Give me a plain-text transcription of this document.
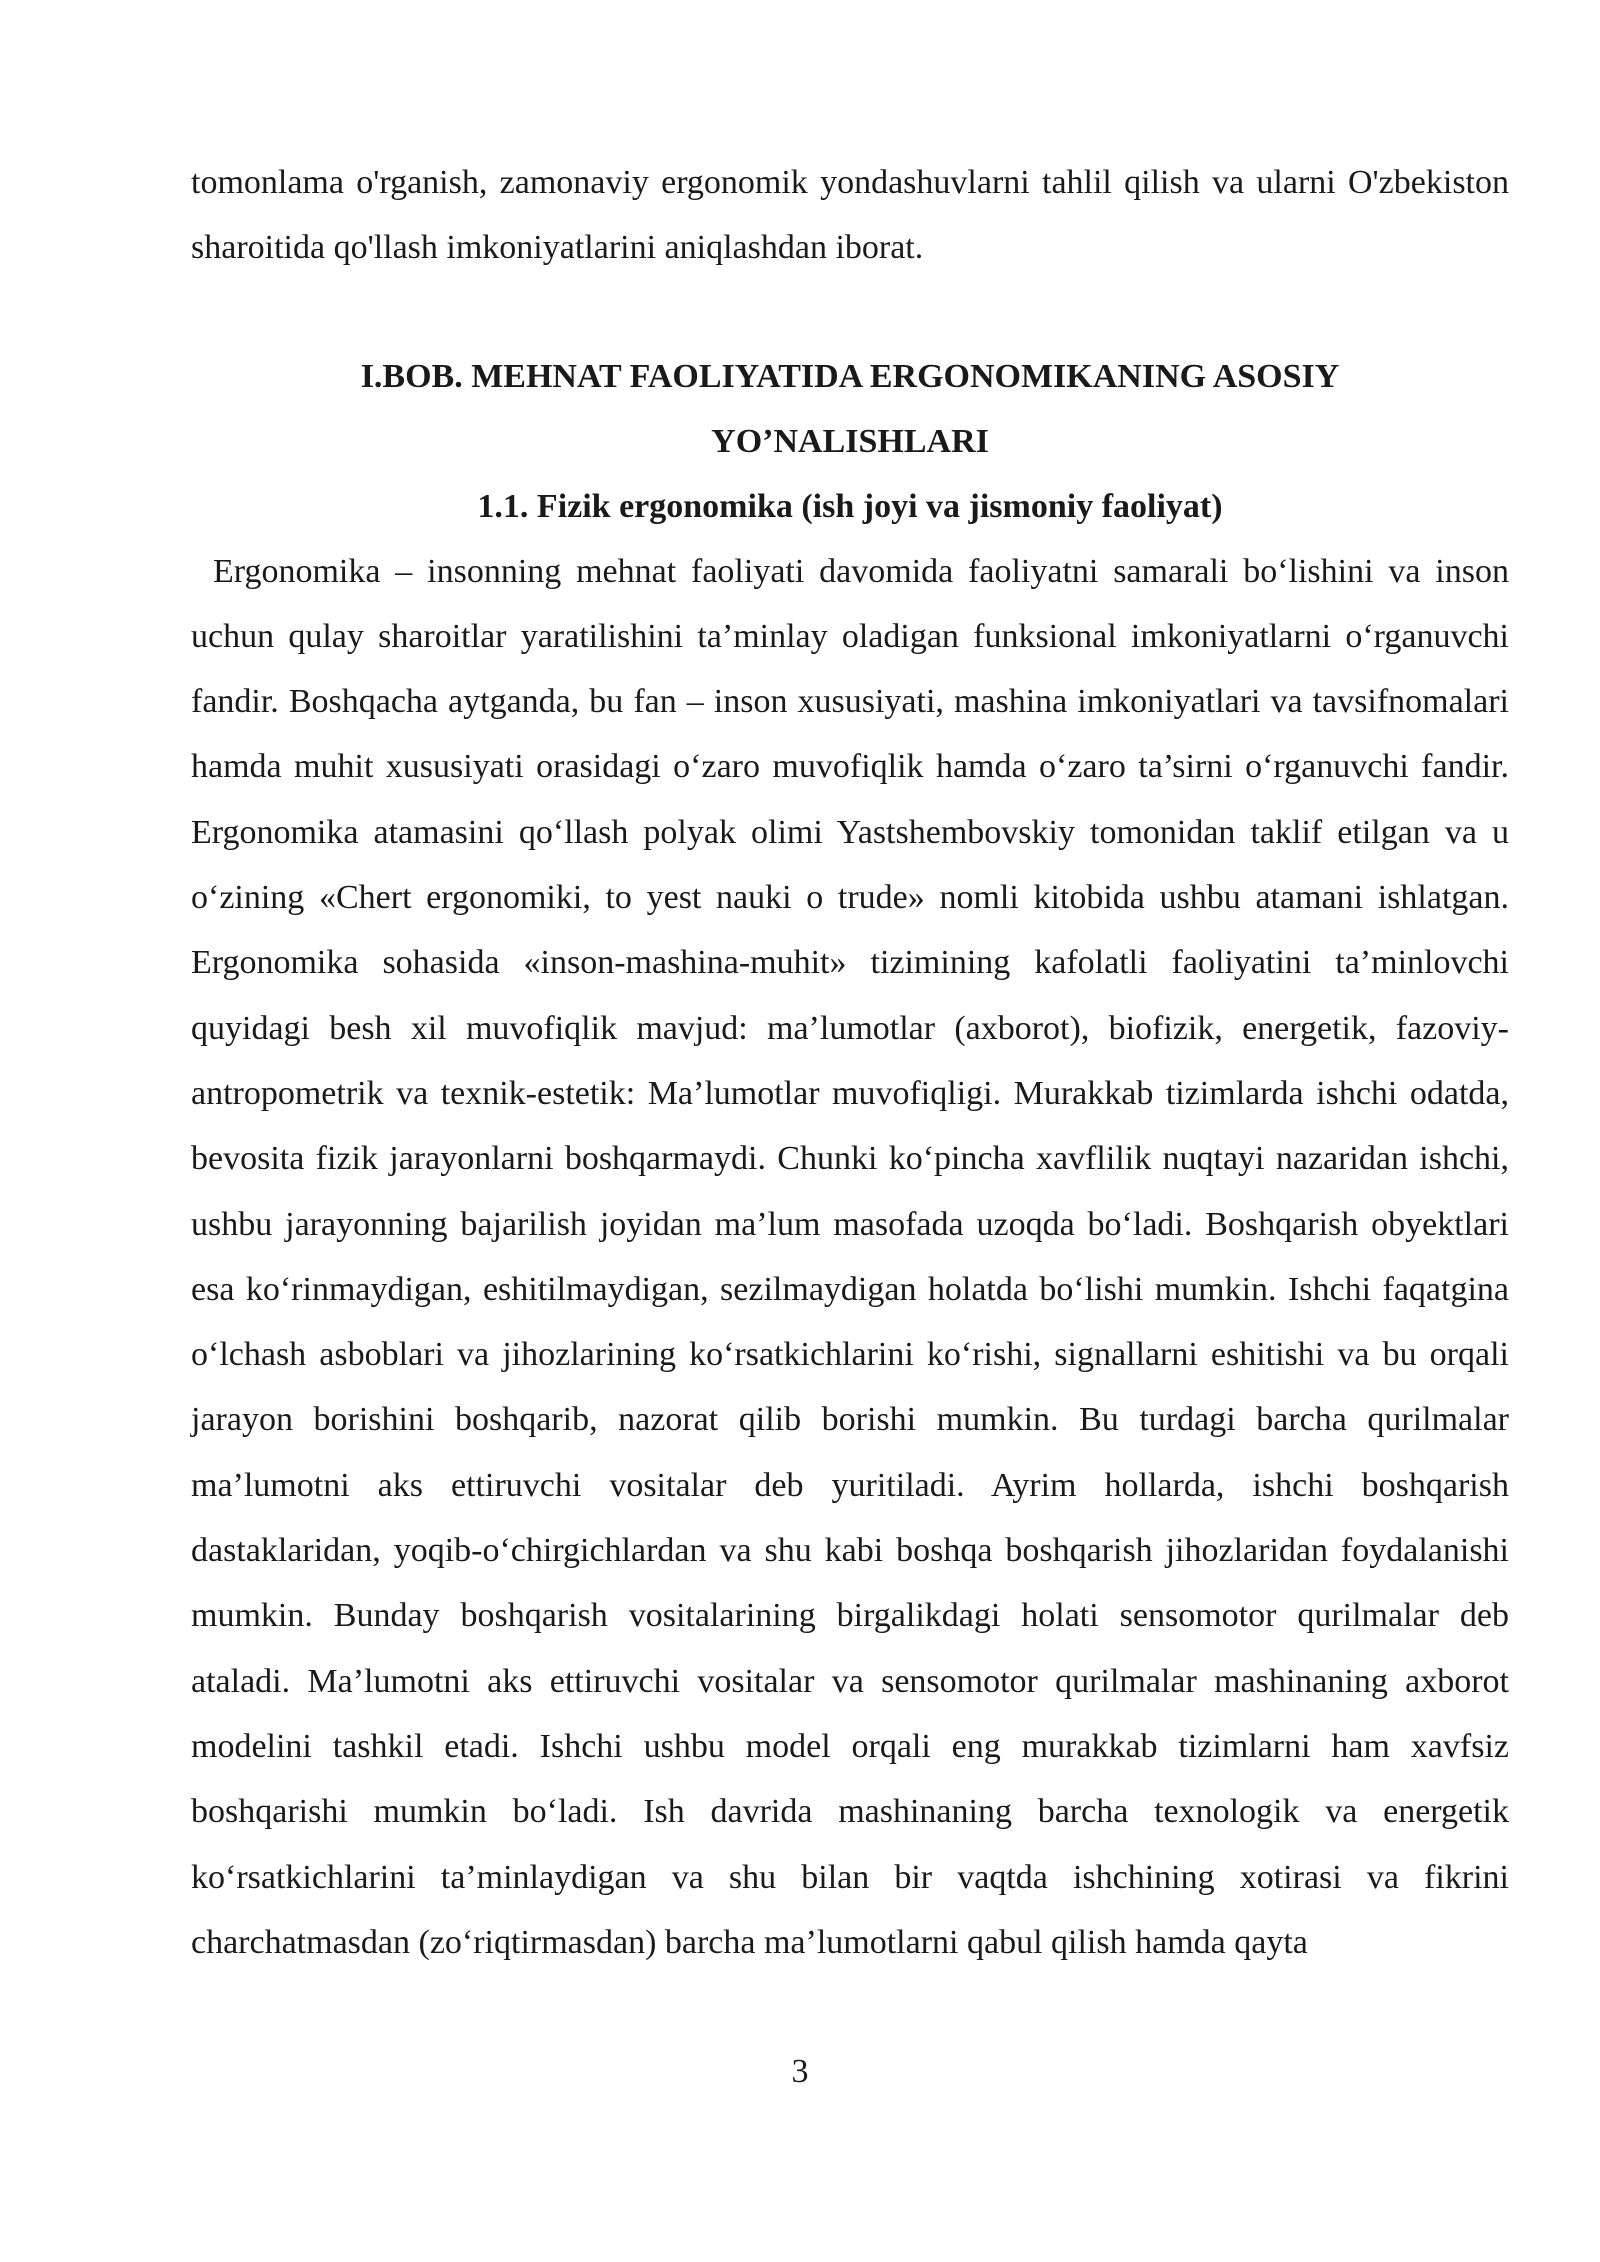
tomonlama o'rganish, zamonaviy ergonomik yondashuvlarni tahlil qilish va ularni O'zbekiston sharoitida qo'llash imkoniyatlarini aniqlashdan iborat.

I.BOB. MEHNAT FAOLIYATIDA ERGONOMIKANING ASOSIY

YO’NALISHLARI

1.1. Fizik ergonomika (ish joyi va jismoniy faoliyat)

Ergonomika – insonning mehnat faoliyati davomida faoliyatni samarali boʻlishini va inson uchun qulay sharoitlar yaratilishini ta’minlay oladigan funksional imkoniyatlarni oʻrganuvchi fandir. Boshqacha aytganda, bu fan – inson xususiyati, mashina imkoniyatlari va tavsifnomalari hamda muhit xususiyati orasidagi oʻzaro muvofiqlik hamda oʻzaro ta’sirni oʻrganuvchi fandir. Ergonomika atamasini qoʻllash polyak olimi Yastshembovskiy tomonidan taklif etilgan va u oʻzining «Chert ergonomiki, to yest nauki o trude» nomli kitobida ushbu atamani ishlatgan. Ergonomika sohasida «inson-mashina-muhit» tizimining kafolatli faoliyatini ta’minlovchi quyidagi besh xil muvofiqlik mavjud: ma’lumotlar (axborot), biofizik, energetik, fazoviy- antropometrik va texnik-estetik: Ma’lumotlar muvofiqligi. Murakkab tizimlarda ishchi odatda, bevosita fizik jarayonlarni boshqarmaydi. Chunki koʻpincha xavflilik nuqtayi nazaridan ishchi, ushbu jarayonning bajarilish joyidan ma’lum masofada uzoqda boʻladi. Boshqarish obyektlari esa koʻrinmaydigan, eshitilmaydigan, sezilmaydigan holatda boʻlishi mumkin. Ishchi faqatgina oʻlchash asboblari va jihozlarining koʻrsatkichlarini koʻrishi, signallarni eshitishi va bu orqali jarayon borishini boshqarib, nazorat qilib borishi mumkin. Bu turdagi barcha qurilmalar ma’lumotni aks ettiruvchi vositalar deb yuritiladi. Ayrim hollarda, ishchi boshqarish dastaklaridan, yoqib-oʻchirgichlardan va shu kabi boshqa boshqarish jihozlaridan foydalanishi mumkin. Bunday boshqarish vositalarining birgalikdagi holati sensomotor qurilmalar deb ataladi. Ma’lumotni aks ettiruvchi vositalar va sensomotor qurilmalar mashinaning axborot modelini tashkil etadi. Ishchi ushbu model orqali eng murakkab tizimlarni ham xavfsiz boshqarishi mumkin boʻladi. Ish davrida mashinaning barcha texnologik va energetik koʻrsatkichlarini ta’minlaydigan va shu bilan bir vaqtda ishchining xotirasi va fikrini charchatmasdan (zoʻriqtirmasdan) barcha ma’lumotlarni qabul qilish hamda qayta

3
